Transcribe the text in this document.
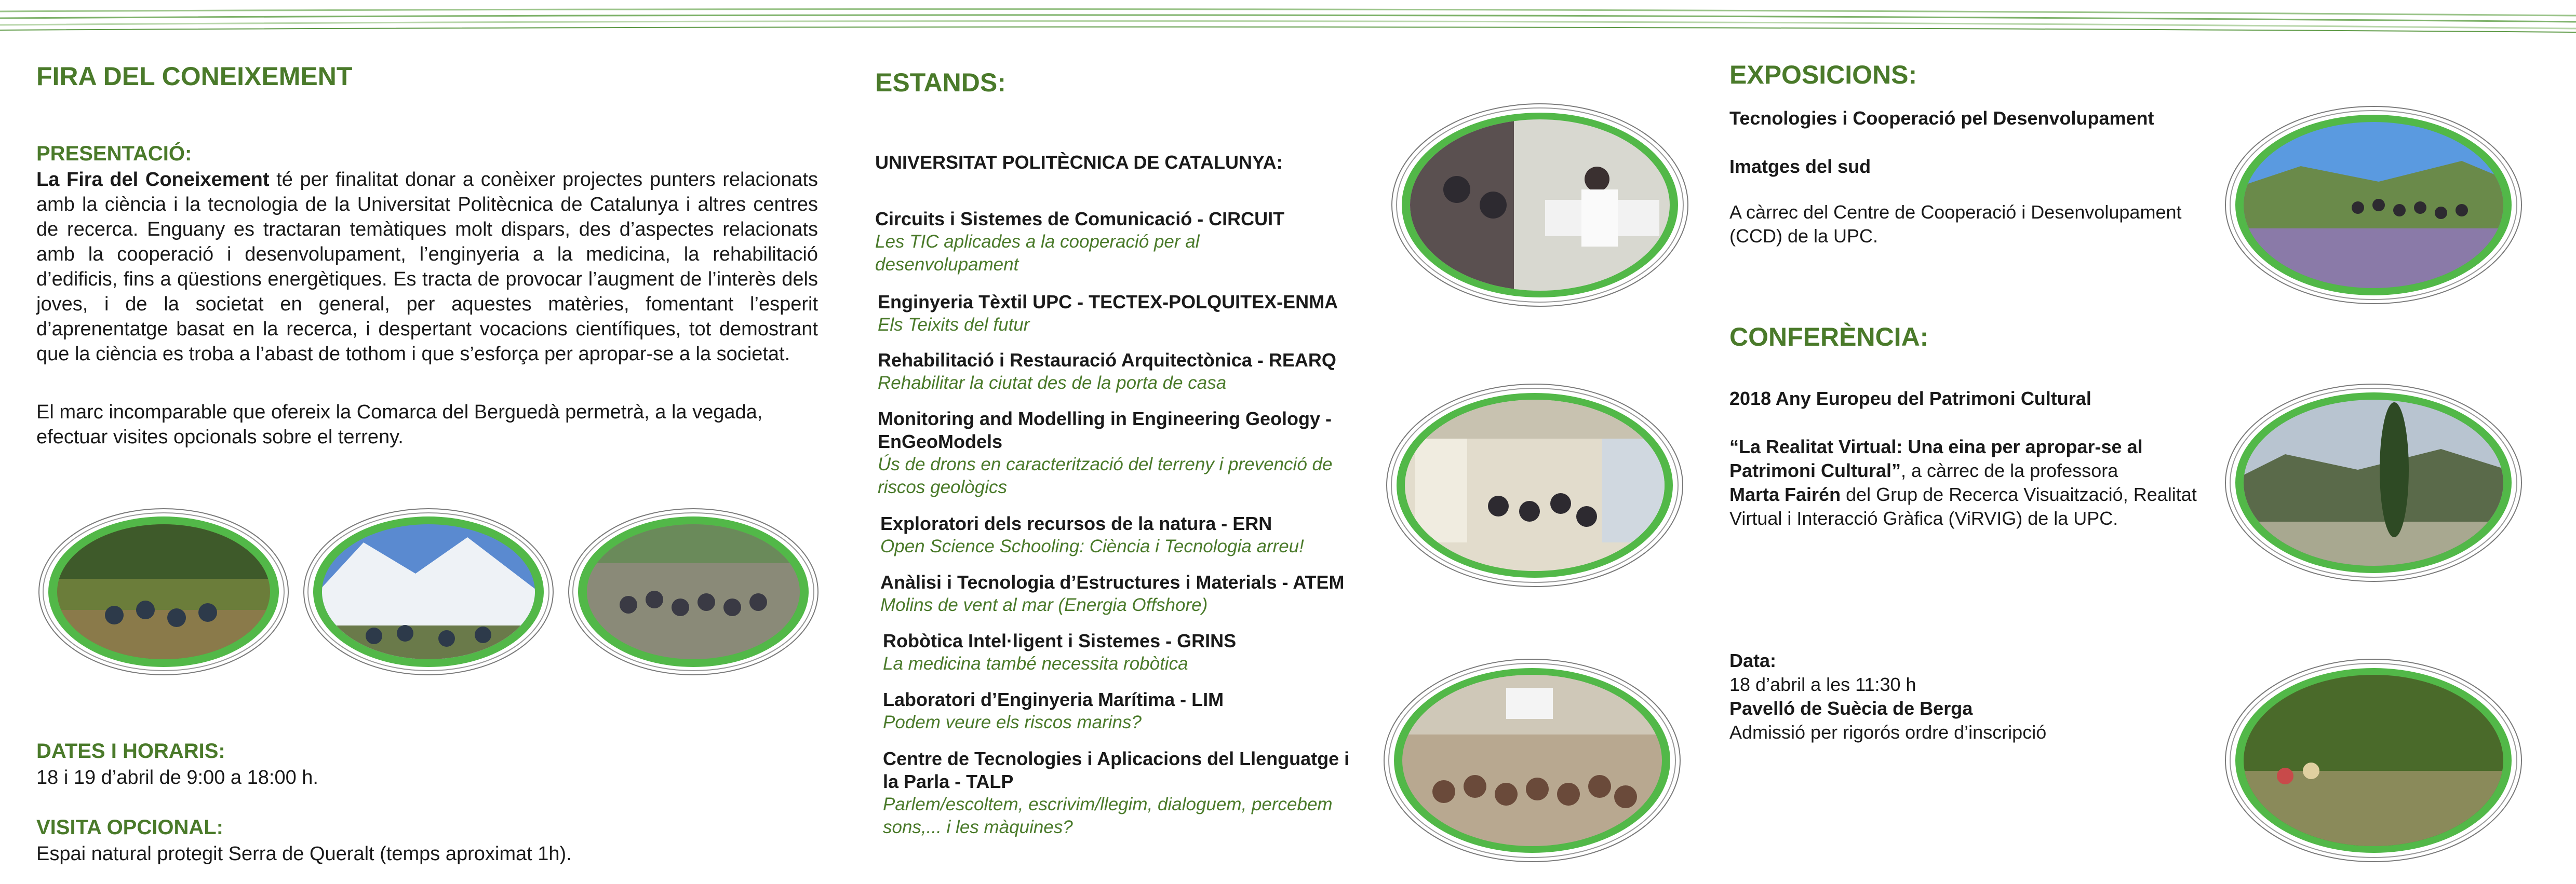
FIRA DEL CONEIXEMENT
PRESENTACIÓ:

La Fira del Coneixement té per finalitat donar a conèixer projectes punters relacionats amb la ciència i la tecnologia de la Universitat Politècnica de Catalunya i altres centres de recerca. Enguany es tractaran temàtiques molt dispars, des d’aspectes relacionats amb la cooperació i desenvolupament, l’enginyeria a la medicina, la rehabilitació d’edificis, fins a qüestions energètiques. Es tracta de provocar l’augment de l’interès dels joves, i de la societat en general, per aquestes matèries, fomentant l’esperit d’aprenentatge basat en la recerca, i despertant vocacions científiques, tot demostrant que la ciència es troba a l’abast de tothom i que s’esforça per apropar-se a la societat.

El marc incomparable que ofereix la Comarca del Berguedà permetrà, a la vegada, efectuar visites opcionals sobre el terreny.

DATES I HORARIS:

18 i 19 d’abril de 9:00 a 18:00 h.

VISITA OPCIONAL:

Espai natural protegit Serra de Queralt (temps aproximat 1h).

ESTANDS:

UNIVERSITAT POLITÈCNICA DE CATALUNYA:

Circuits i Sistemes de Comunicació - CIRCUIT

Les TIC aplicades a la cooperació per al desenvolupament

Enginyeria Tèxtil UPC - TECTEX-POLQUITEX-ENMA

Els Teixits del futur

Rehabilitació i Restauració Arquitectònica - REARQ

Rehabilitar la ciutat des de la porta de casa

Monitoring and Modelling in Engineering Geology - EnGeoModels

Ús de drons en caracterització del terreny i prevenció de riscos geològics

Exploratori dels recursos de la natura - ERN

Open Science Schooling: Ciència i Tecnologia arreu!

Anàlisi i Tecnologia d’Estructures i Materials - ATEM

Molins de vent al mar (Energia Offshore)

Robòtica Intel·ligent i Sistemes - GRINS

La medicina també necessita robòtica

Laboratori d’Enginyeria Marítima - LIM

Podem veure els riscos marins?

Centre de Tecnologies i Aplicacions del Llenguatge i la Parla - TALP

Parlem/escoltem, escrivim/llegim, dialoguem, percebem sons,... i les màquines?

EXPOSICIONS:

Tecnologies i Cooperació pel Desenvolupament

Imatges del sud

A càrrec del Centre de Cooperació i Desenvolupament (CCD) de la UPC.

CONFERÈNCIA:

2018 Any Europeu del Patrimoni Cultural

“La Realitat Virtual: Una eina per apropar-se al Patrimoni Cultural”, a càrrec de la professora
Marta Fairén del Grup de Recerca Visuaització, Realitat Virtual i Interacció Gràfica (ViRVIG) de la UPC.

Data:

18 d’abril a les 11:30 h

Pavelló de Suècia de Berga

Admissió per rigorós ordre d’inscripció
